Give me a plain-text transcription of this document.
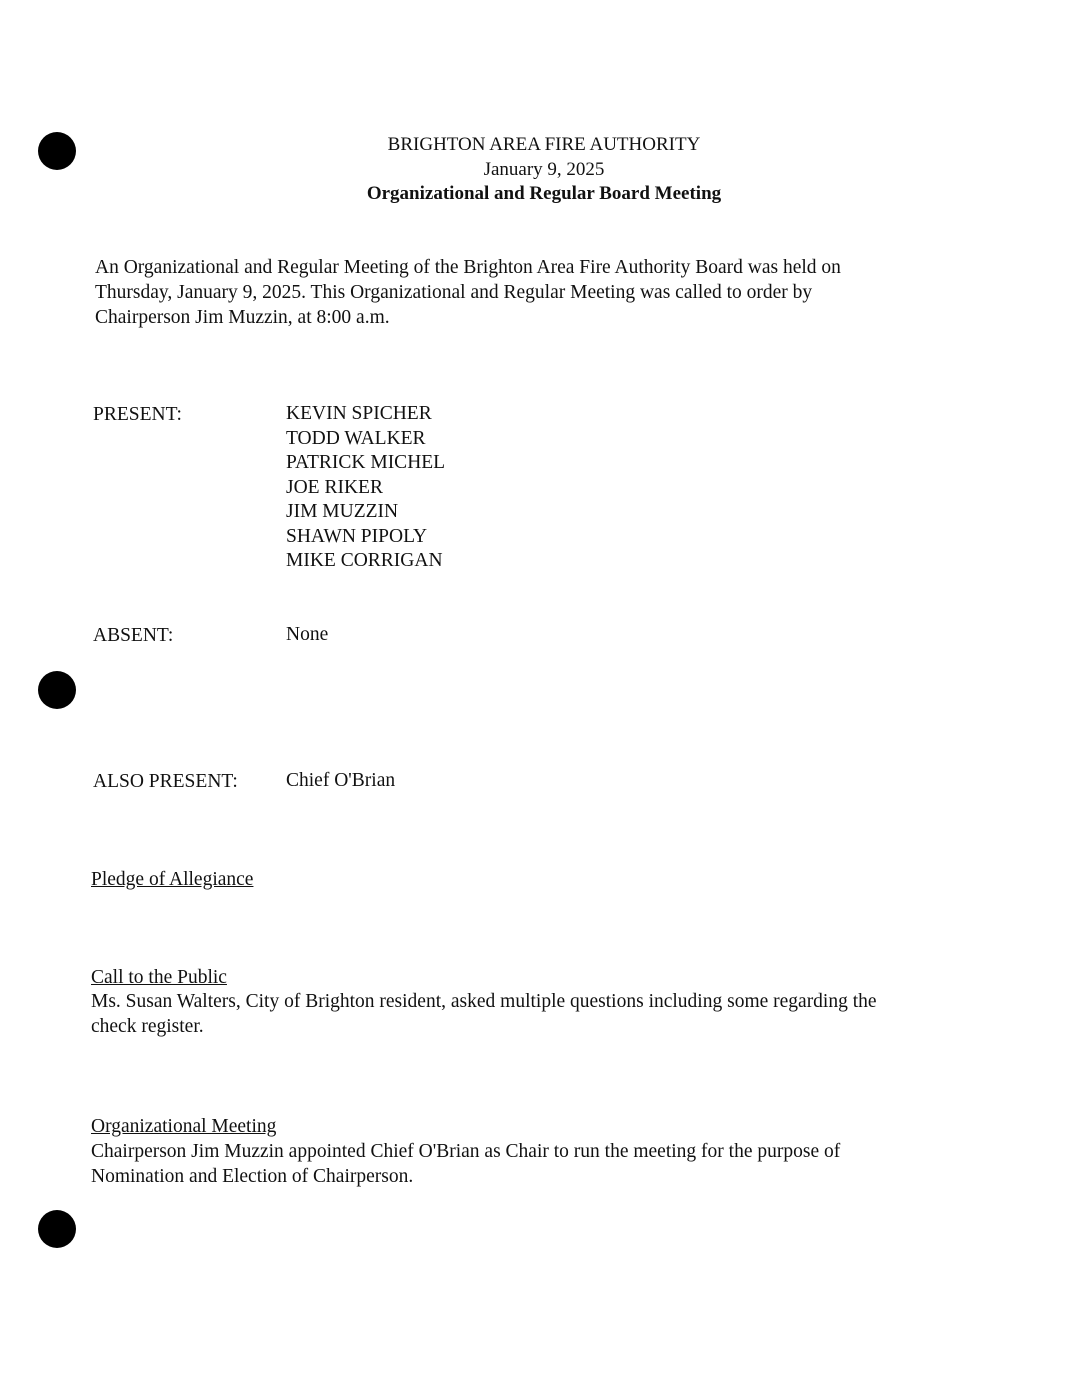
BRIGHTON AREA FIRE AUTHORITY
January 9, 2025
Organizational and Regular Board Meeting
An Organizational and Regular Meeting of the Brighton Area Fire Authority Board was held on
Thursday, January 9, 2025. This Organizational and Regular Meeting was called to order by
Chairperson Jim Muzzin, at 8:00 a.m.
PRESENT:	KEVIN SPICHER
TODD WALKER
PATRICK MICHEL
JOE RIKER
JIM MUZZIN
SHAWN PIPOLY
MIKE CORRIGAN
ABSENT:	None
ALSO PRESENT: Chief O'Brian
Pledge of Allegiance
Call to the Public
Ms. Susan Walters, City of Brighton resident, asked multiple questions including some regarding the
check register.
Organizational Meeting
Chairperson Jim Muzzin appointed Chief O'Brian as Chair to run the meeting for the purpose of
Nomination and Election of Chairperson.
